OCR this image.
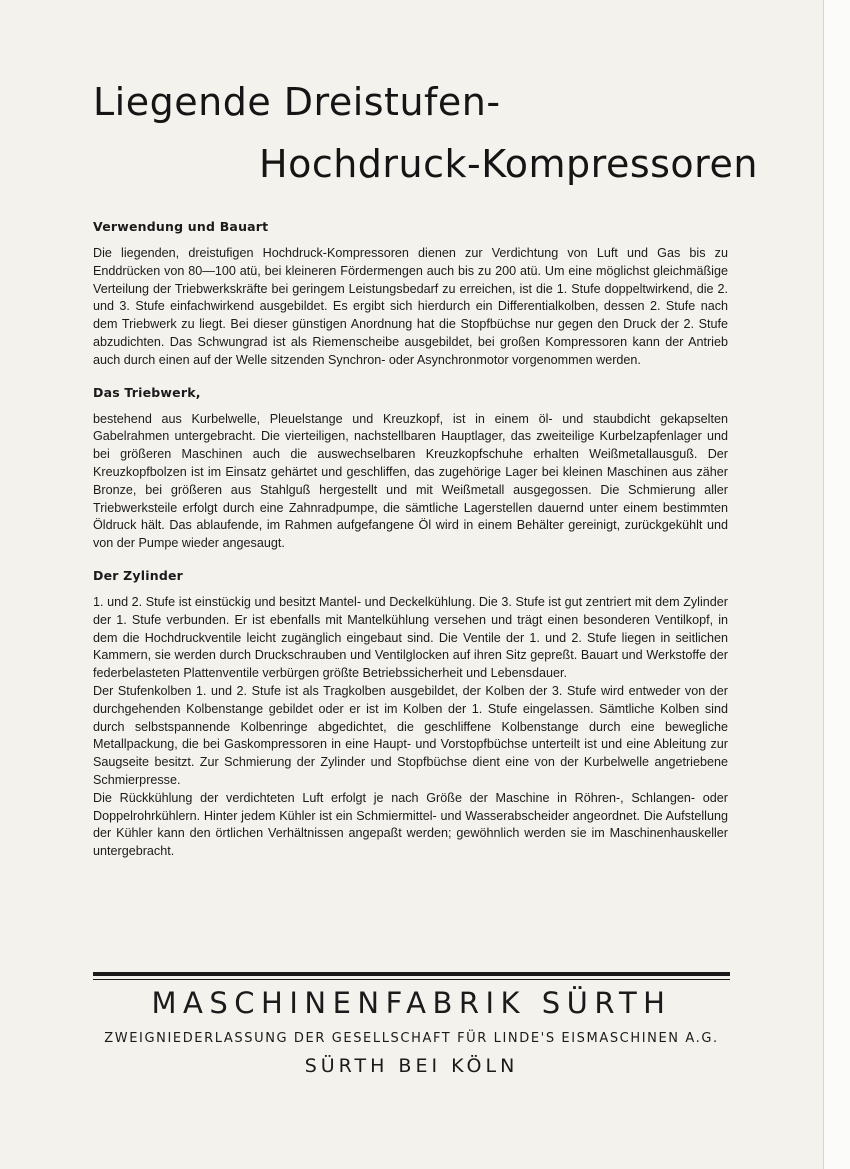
Liegende Dreistufen-
Hochdruck-Kompressoren
Verwendung und Bauart

Die liegenden, dreistufigen Hochdruck-Kompressoren dienen zur Verdichtung von Luft und Gas bis zu Enddrücken von 80—100 atü, bei kleineren Fördermengen auch bis zu 200 atü. Um eine möglichst gleichmäßige Verteilung der Triebwerkskräfte bei geringem Leistungsbedarf zu erreichen, ist die 1. Stufe doppeltwirkend, die 2. und 3. Stufe einfachwirkend ausgebildet. Es ergibt sich hierdurch ein Differentialkolben, dessen 2. Stufe nach dem Triebwerk zu liegt. Bei dieser günstigen Anordnung hat die Stopfbüchse nur gegen den Druck der 2. Stufe abzudichten. Das Schwungrad ist als Riemenscheibe ausgebildet, bei großen Kompressoren kann der Antrieb auch durch einen auf der Welle sitzenden Synchron- oder Asynchronmotor vorgenommen werden.

Das Triebwerk,

bestehend aus Kurbelwelle, Pleuelstange und Kreuzkopf, ist in einem öl- und staubdicht gekapselten Gabelrahmen untergebracht. Die vierteiligen, nachstellbaren Hauptlager, das zweiteilige Kurbelzapfenlager und bei größeren Maschinen auch die auswechselbaren Kreuzkopfschuhe erhalten Weißmetallausguß. Der Kreuzkopfbolzen ist im Einsatz gehärtet und geschliffen, das zugehörige Lager bei kleinen Maschinen aus zäher Bronze, bei größeren aus Stahlguß hergestellt und mit Weißmetall ausgegossen. Die Schmierung aller Triebwerksteile erfolgt durch eine Zahnradpumpe, die sämtliche Lagerstellen dauernd unter einem bestimmten Öldruck hält. Das ablaufende, im Rahmen aufgefangene Öl wird in einem Behälter gereinigt, zurückgekühlt und von der Pumpe wieder angesaugt.

Der Zylinder

1. und 2. Stufe ist einstückig und besitzt Mantel- und Deckelkühlung. Die 3. Stufe ist gut zentriert mit dem Zylinder der 1. Stufe verbunden. Er ist ebenfalls mit Mantelkühlung versehen und trägt einen besonderen Ventilkopf, in dem die Hochdruckventile leicht zugänglich eingebaut sind. Die Ventile der 1. und 2. Stufe liegen in seitlichen Kammern, sie werden durch Druckschrauben und Ventilglocken auf ihren Sitz gepreßt. Bauart und Werkstoffe der federbelasteten Plattenventile verbürgen größte Betriebssicherheit und Lebensdauer.

Der Stufenkolben 1. und 2. Stufe ist als Tragkolben ausgebildet, der Kolben der 3. Stufe wird entweder von der durchgehenden Kolbenstange gebildet oder er ist im Kolben der 1. Stufe eingelassen. Sämtliche Kolben sind durch selbstspannende Kolbenringe abgedichtet, die geschliffene Kolbenstange durch eine bewegliche Metallpackung, die bei Gaskompressoren in eine Haupt- und Vorstopfbüchse unterteilt ist und eine Ableitung zur Saugseite besitzt. Zur Schmierung der Zylinder und Stopfbüchse dient eine von der Kurbelwelle angetriebene Schmierpresse.

Die Rückkühlung der verdichteten Luft erfolgt je nach Größe der Maschine in Röhren-, Schlangen- oder Doppelrohrkühlern. Hinter jedem Kühler ist ein Schmiermittel- und Wasserabscheider angeordnet. Die Aufstellung der Kühler kann den örtlichen Verhältnissen angepaßt werden; gewöhnlich werden sie im Maschinenhauskeller untergebracht.

MASCHINENFABRIK SÜRTH
ZWEIGNIEDERLASSUNG DER GESELLSCHAFT FÜR LINDE'S EISMASCHINEN A.G.
SÜRTH BEI KÖLN
